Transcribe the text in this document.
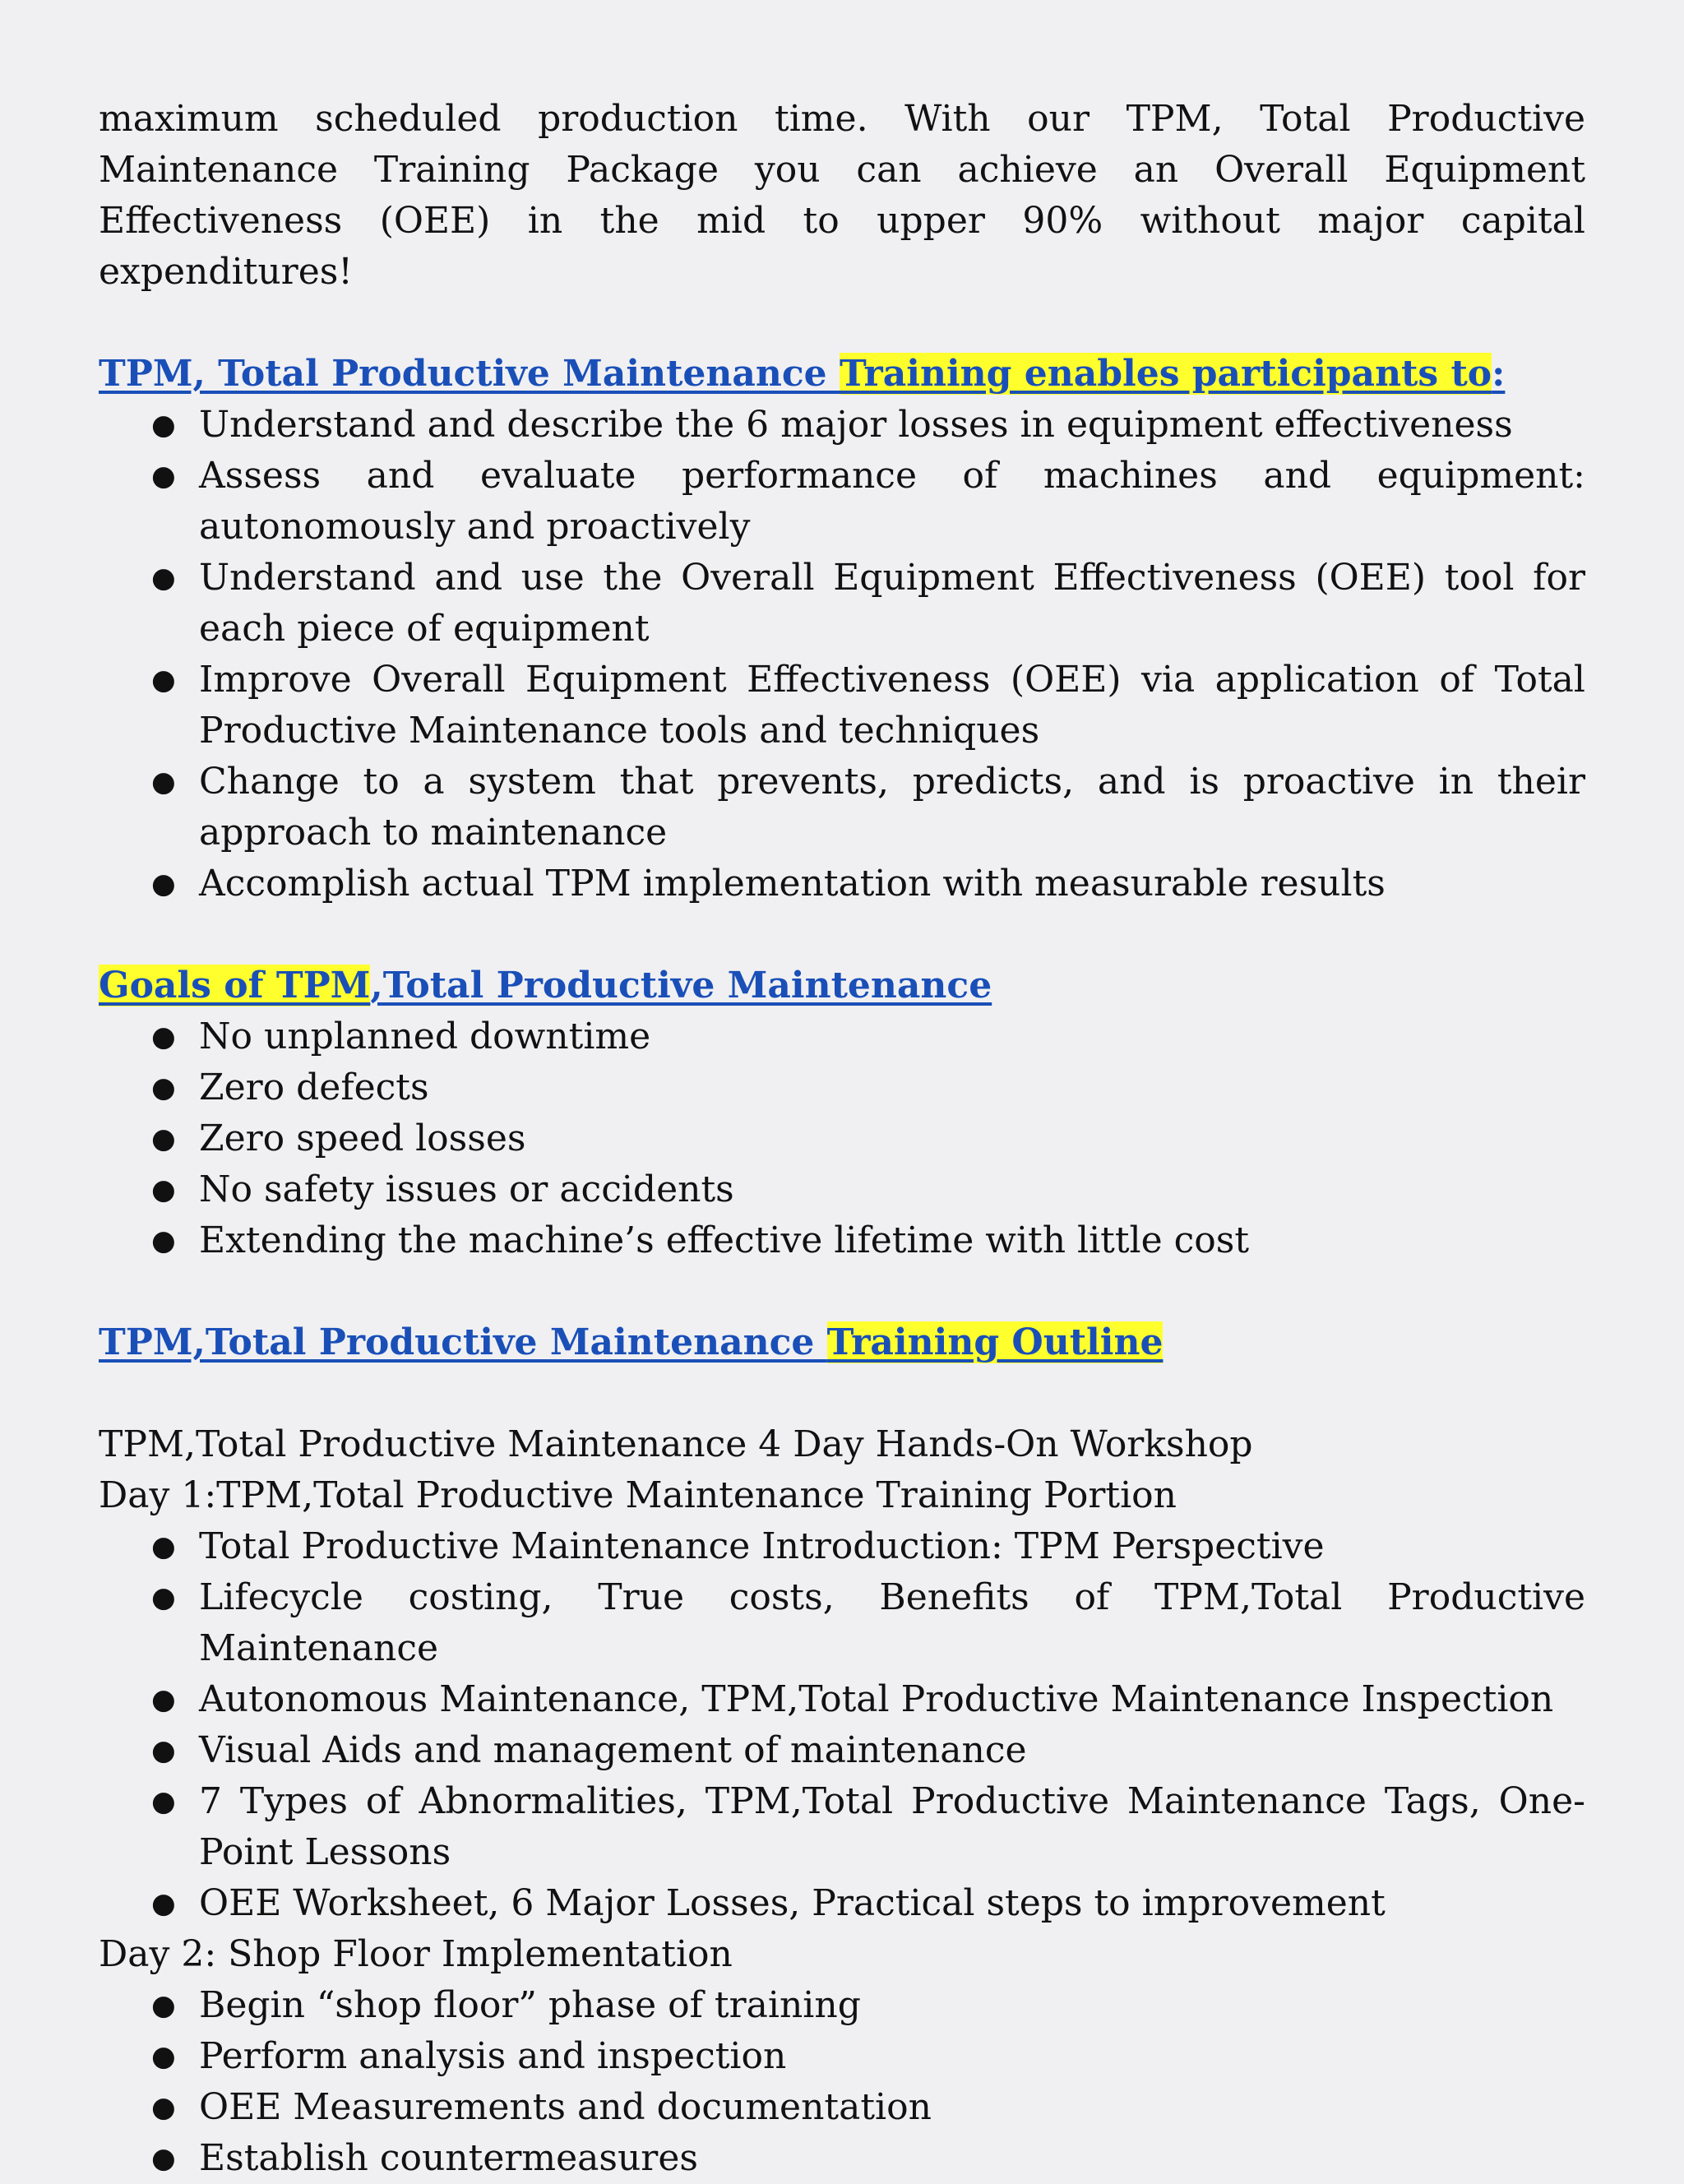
maximum scheduled production time. With our TPM, Total Productive Maintenance Training Package you can achieve an Overall Equipment Effectiveness (OEE) in the mid to upper 90% without major capital expenditures!

TPM, Total Productive Maintenance Training enables participants to:

● Understand and describe the 6 major losses in equipment effectiveness
● Assess and evaluate performance of machines and equipment: autonomously and proactively
● Understand and use the Overall Equipment Effectiveness (OEE) tool for each piece of equipment
● Improve Overall Equipment Effectiveness (OEE) via application of Total Productive Maintenance tools and techniques
● Change to a system that prevents, predicts, and is proactive in their approach to maintenance
● Accomplish actual TPM implementation with measurable results

Goals of TPM,Total Productive Maintenance

● No unplanned downtime
● Zero defects
● Zero speed losses
● No safety issues or accidents
● Extending the machine’s effective lifetime with little cost

TPM,Total Productive Maintenance Training Outline

TPM,Total Productive Maintenance 4 Day Hands-On Workshop

Day 1:TPM,Total Productive Maintenance Training Portion

● Total Productive Maintenance Introduction: TPM Perspective
● Lifecycle costing, True costs, Benefits of TPM,Total Productive Maintenance
● Autonomous Maintenance, TPM,Total Productive Maintenance Inspection
● Visual Aids and management of maintenance
● 7 Types of Abnormalities, TPM,Total Productive Maintenance Tags, One-Point Lessons
● OEE Worksheet, 6 Major Losses, Practical steps to improvement

Day 2: Shop Floor Implementation

● Begin “shop floor” phase of training
● Perform analysis and inspection
● OEE Measurements and documentation
● Establish countermeasures
